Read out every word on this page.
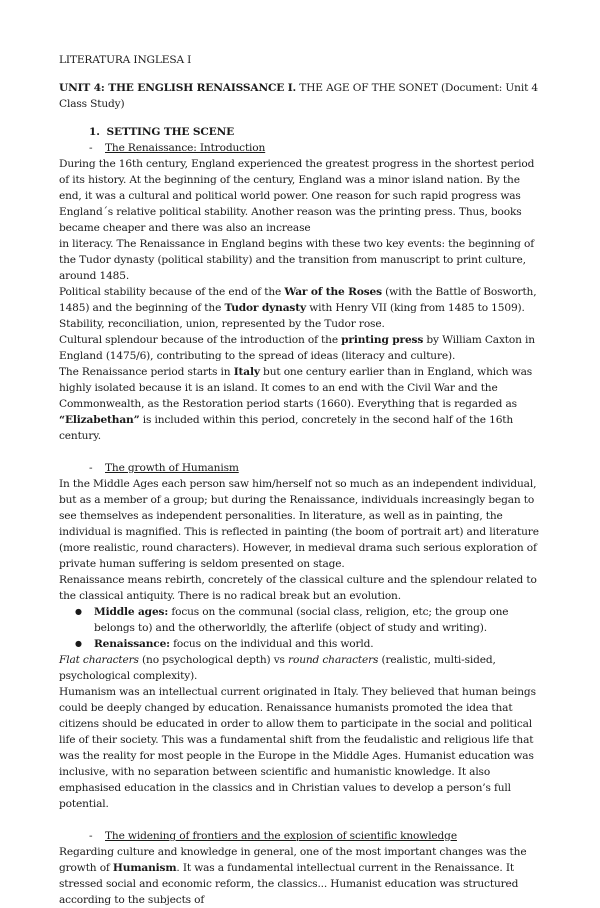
LITERATURA INGLESA I

UNIT 4: THE ENGLISH RENAISSANCE I. THE AGE OF THE SONET (Document: Unit 4 Class Study)

1. SETTING THE SCENE

- The Renaissance: Introduction

During the 16th century, England experienced the greatest progress in the shortest period of its history. At the beginning of the century, England was a minor island nation. By the end, it was a cultural and political world power. One reason for such rapid progress was England´s relative political stability. Another reason was the printing press. Thus, books became cheaper and there was also an increase

in literacy. The Renaissance in England begins with these two key events: the beginning of the Tudor dynasty (political stability) and the transition from manuscript to print culture, around 1485.

Political stability because of the end of the War of the Roses (with the Battle of Bosworth, 1485) and the beginning of the Tudor dynasty with Henry VII (king from 1485 to 1509). Stability, reconciliation, union, represented by the Tudor rose.

Cultural splendour because of the introduction of the printing press by William Caxton in England (1475/6), contributing to the spread of ideas (literacy and culture).

The Renaissance period starts in Italy but one century earlier than in England, which was highly isolated because it is an island. It comes to an end with the Civil War and the Commonwealth, as the Restoration period starts (1660). Everything that is regarded as “Elizabethan” is included within this period, concretely in the second half of the 16th century.

- The growth of Humanism

In the Middle Ages each person saw him/herself not so much as an independent individual, but as a member of a group; but during the Renaissance, individuals increasingly began to see themselves as independent personalities. In literature, as well as in painting, the individual is magnified. This is reflected in painting (the boom of portrait art) and literature (more realistic, round characters). However, in medieval drama such serious exploration of private human suffering is seldom presented on stage.

Renaissance means rebirth, concretely of the classical culture and the splendour related to the classical antiquity. There is no radical break but an evolution.

● Middle ages: focus on the communal (social class, religion, etc; the group one belongs to) and the otherworldly, the afterlife (object of study and writing).
● Renaissance: focus on the individual and this world.

Flat characters (no psychological depth) vs round characters (realistic, multi-sided, psychological complexity).

Humanism was an intellectual current originated in Italy. They believed that human beings could be deeply changed by education. Renaissance humanists promoted the idea that citizens should be educated in order to allow them to participate in the social and political life of their society. This was a fundamental shift from the feudalistic and religious life that was the reality for most people in the Europe in the Middle Ages. Humanist education was inclusive, with no separation between scientific and humanistic knowledge. It also emphasised education in the classics and in Christian values to develop a person’s full potential.

- The widening of frontiers and the explosion of scientific knowledge

Regarding culture and knowledge in general, one of the most important changes was the growth of Humanism. It was a fundamental intellectual current in the Renaissance. It stressed social and economic reform, the classics... Humanist education was structured according to the subjects of
